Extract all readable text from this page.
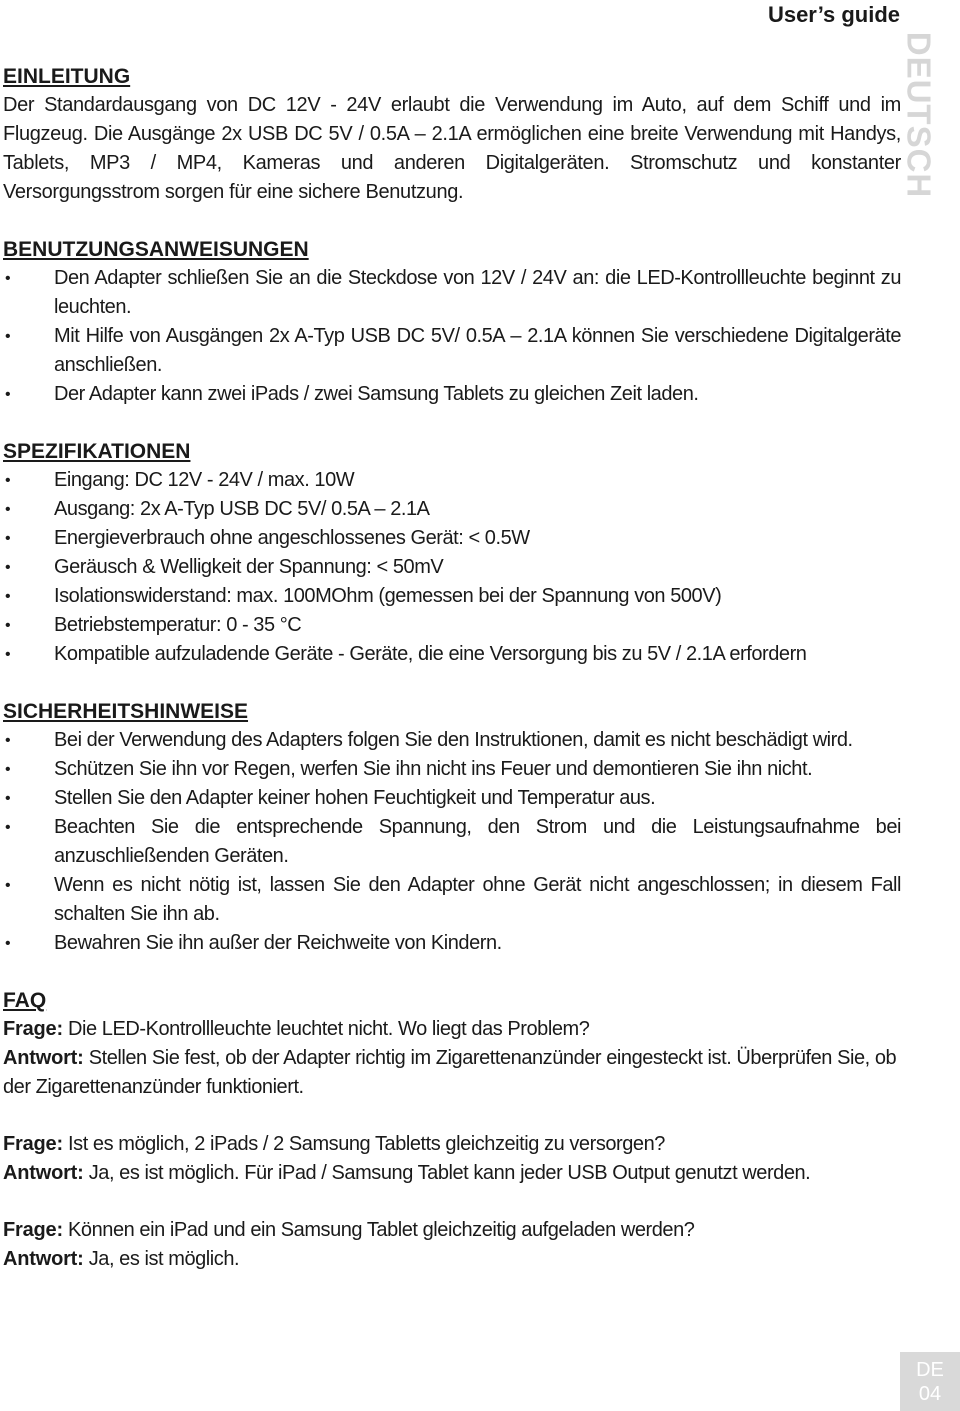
User’s guide
DEUTSCH
EINLEITUNG

Der Standardausgang von DC 12V - 24V erlaubt die Verwendung im Auto, auf dem Schiff und im Flugzeug. Die Ausgänge 2x USB DC 5V / 0.5A – 2.1A ermöglichen eine breite Verwendung mit Handys, Tablets, MP3 / MP4, Kameras und anderen Digitalgeräten. Stromschutz und konstanter Versorgungsstrom sorgen für eine sichere Benutzung.

BENUTZUNGSANWEISUNGEN
• Den Adapter schließen Sie an die Steckdose von 12V / 24V an: die LED-Kontrollleuchte beginnt zu leuchten.
• Mit Hilfe von Ausgängen 2x A-Typ USB DC 5V/ 0.5A – 2.1A können Sie verschiedene Digitalgeräte anschließen.
• Der Adapter kann zwei iPads / zwei Samsung Tablets zu gleichen Zeit laden.
SPEZIFIKATIONEN
• Eingang: DC 12V - 24V / max. 10W
• Ausgang: 2x A-Typ USB DC 5V/ 0.5A – 2.1A
• Energieverbrauch ohne angeschlossenes Gerät: < 0.5W
• Geräusch & Welligkeit der Spannung: < 50mV
• Isolationswiderstand: max. 100MOhm (gemessen bei der Spannung von 500V)
• Betriebstemperatur: 0 - 35 °C
• Kompatible aufzuladende Geräte - Geräte, die eine Versorgung bis zu 5V / 2.1A erfordern
SICHERHEITSHINWEISE
• Bei der Verwendung des Adapters folgen Sie den Instruktionen, damit es nicht beschädigt wird.
• Schützen Sie ihn vor Regen, werfen Sie ihn nicht ins Feuer und demontieren Sie ihn nicht.
• Stellen Sie den Adapter keiner hohen Feuchtigkeit und Temperatur aus.
• Beachten Sie die entsprechende Spannung, den Strom und die Leistungsaufnahme bei anzuschließenden Geräten.
• Wenn es nicht nötig ist, lassen Sie den Adapter ohne Gerät nicht angeschlossen; in diesem Fall schalten Sie ihn ab.
• Bewahren Sie ihn außer der Reichweite von Kindern.
FAQ

Frage: Die LED-Kontrollleuchte leuchtet nicht. Wo liegt das Problem?

Antwort: Stellen Sie fest, ob der Adapter richtig im Zigarettenanzünder eingesteckt ist. Überprüfen Sie, ob der Zigarettenanzünder funktioniert.

Frage: Ist es möglich, 2 iPads / 2 Samsung Tabletts gleichzeitig zu versorgen?

Antwort: Ja, es ist möglich. Für iPad / Samsung Tablet kann jeder USB Output genutzt werden.

Frage: Können ein iPad und ein Samsung Tablet gleichzeitig aufgeladen werden?

Antwort: Ja, es ist möglich.

DE
04
